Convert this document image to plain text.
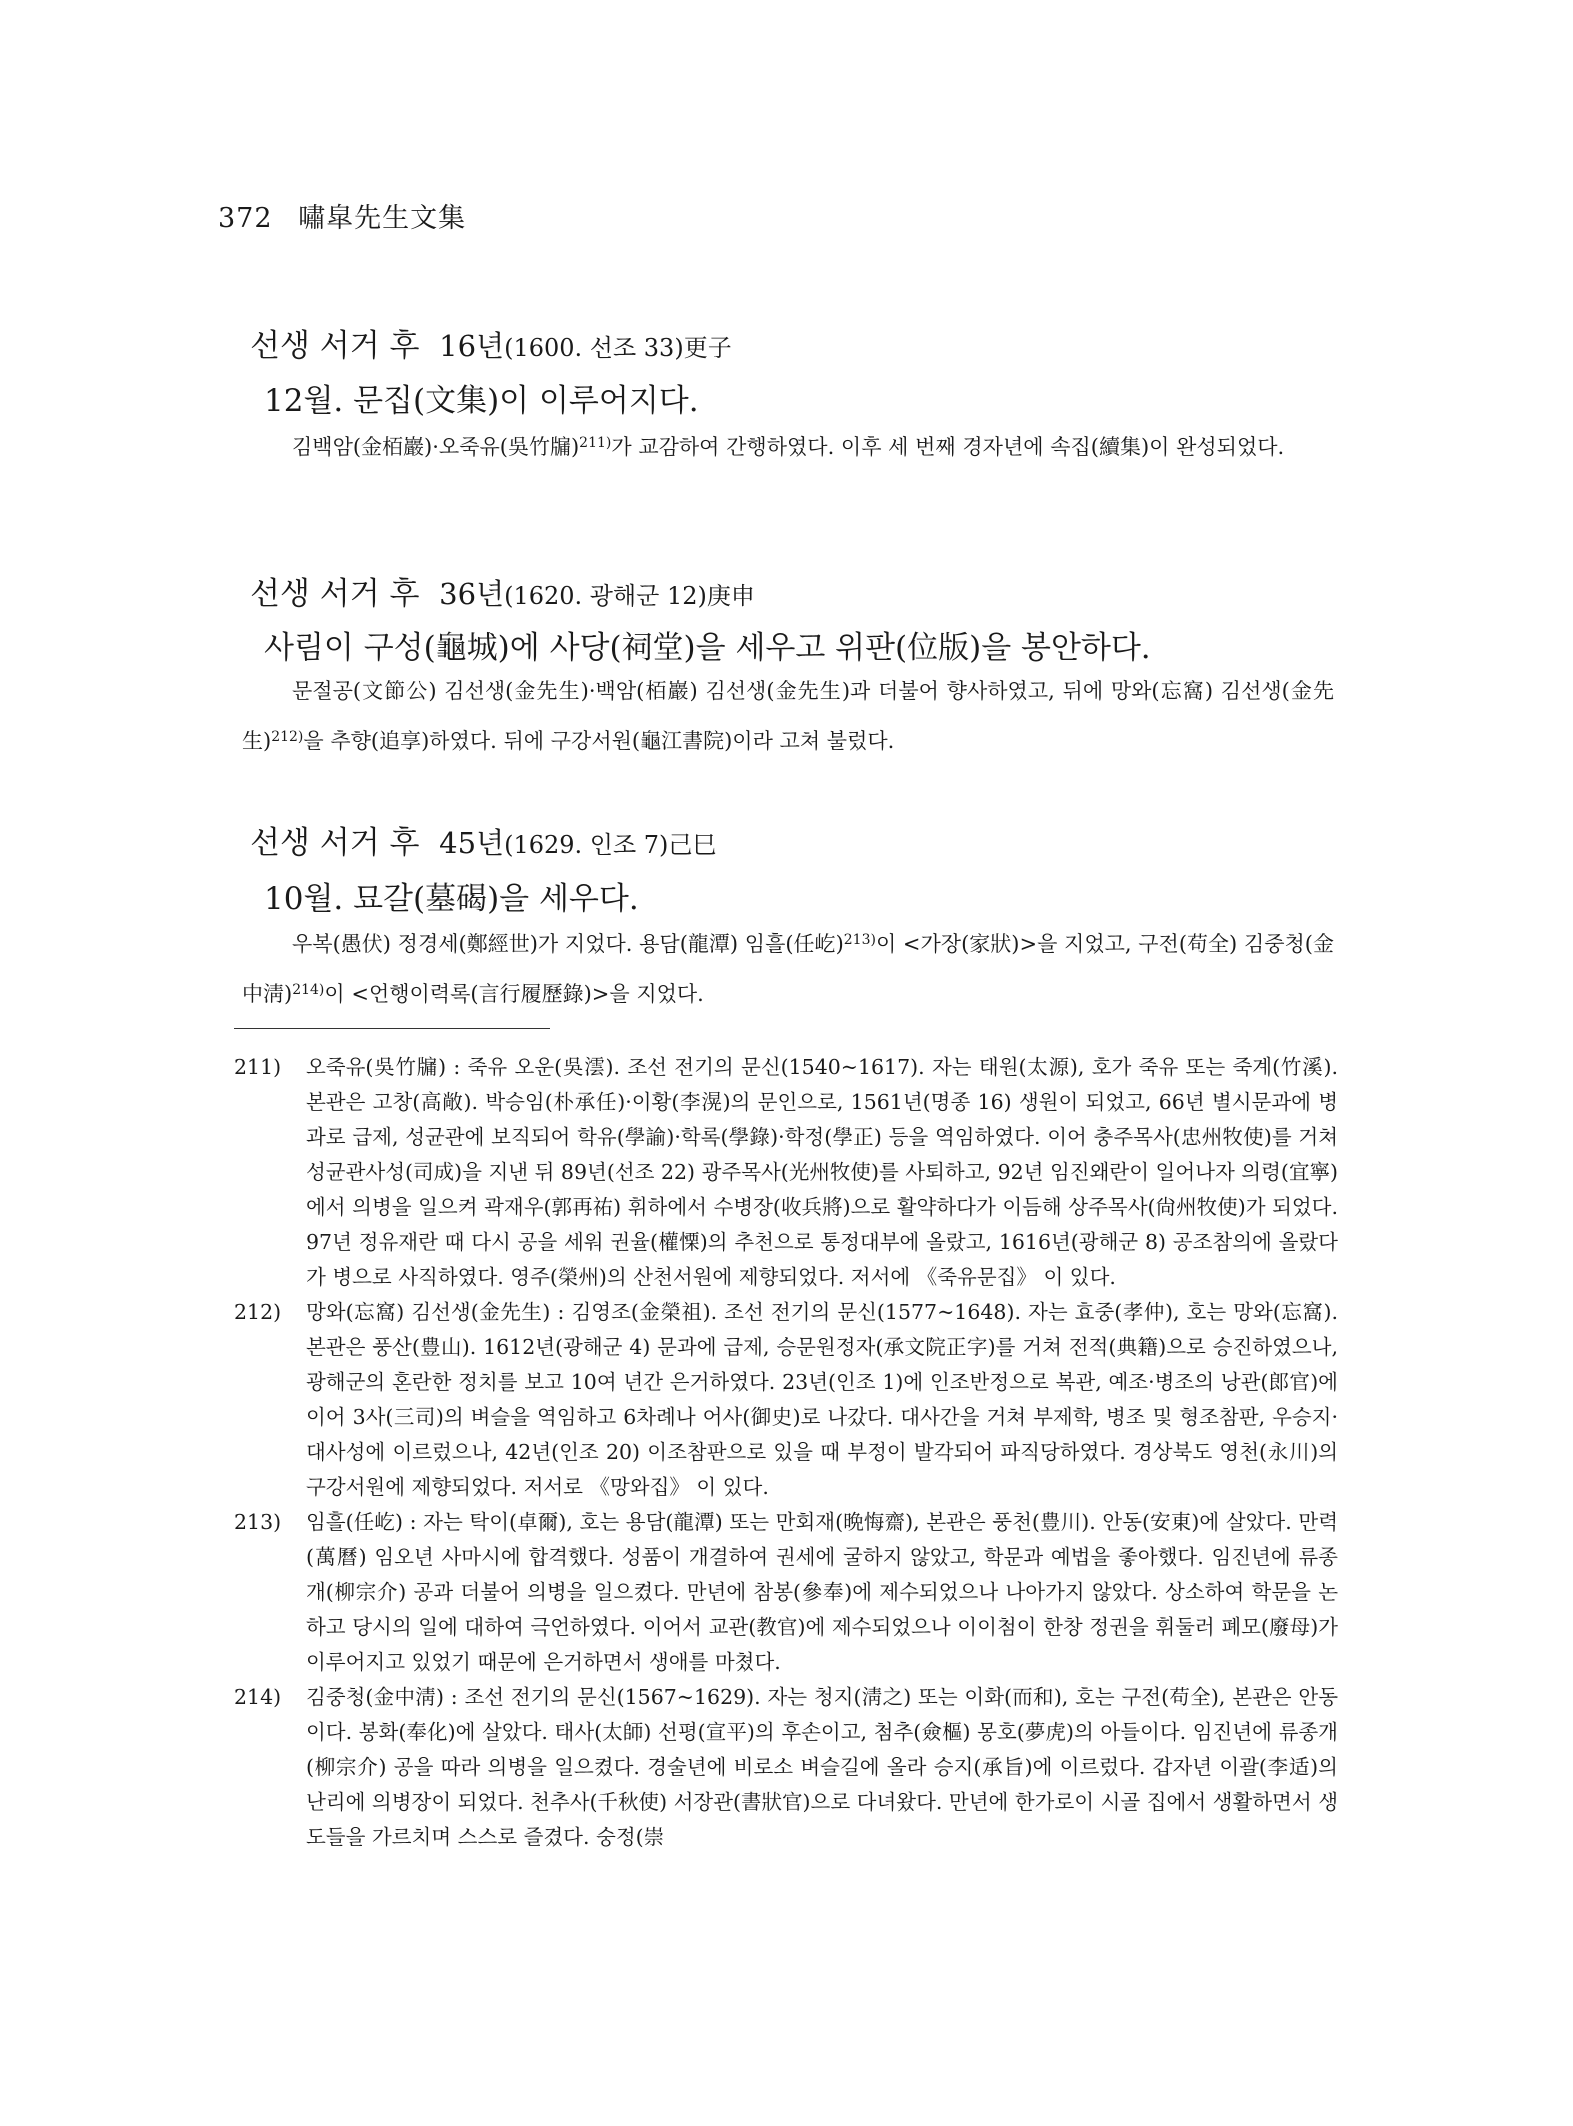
372 嘯皐先生文集
선생 서거 후 16년(1600. 선조 33)更子
12월. 문집(文集)이 이루어지다.
김백암(金栢巖)·오죽유(吳竹牖)$^{211)}$가 교감하여 간행하였다. 이후 세 번째 경자년에 속집(續集)이 완성되었다.
선생 서거 후 36년(1620. 광해군 12)庚申
사림이 구성(龜城)에 사당(祠堂)을 세우고 위판(位版)을 봉안하다.
문절공(文節公) 김선생(金先生)·백암(栢巖) 김선생(金先生)과 더불어 향사하였고, 뒤에 망와(忘窩) 김선생(金先生)$^{212)}$을 추향(追享)하였다. 뒤에 구강서원(龜江書院)이라 고쳐 불렀다.
선생 서거 후 45년(1629. 인조 7)己巳
10월. 묘갈(墓碣)을 세우다.
우복(愚伏) 정경세(鄭經世)가 지었다. 용담(龍潭) 임흘(任屹)$^{213)}$이 <가장(家狀)>을 지었고, 구전(苟全) 김중청(金中淸)$^{214)}$이 <언행이력록(言行履歷錄)>을 지었다.
211) 오죽유(吳竹牖) : 죽유 오운(吳澐). 조선 전기의 문신(1540~1617). 자는 태원(太源), 호가 죽유 또는 죽계(竹溪). 본관은 고창(高敞). 박승임(朴承任)·이황(李滉)의 문인으로, 1561년(명종 16) 생원이 되었고, 66년 별시문과에 병과로 급제, 성균관에 보직되어 학유(學諭)·학록(學錄)·학정(學正) 등을 역임하였다. 이어 충주목사(忠州牧使)를 거쳐 성균관사성(司成)을 지낸 뒤 89년(선조 22) 광주목사(光州牧使)를 사퇴하고, 92년 임진왜란이 일어나자 의령(宜寧)에서 의병을 일으켜 곽재우(郭再祐) 휘하에서 수병장(收兵將)으로 활약하다가 이듬해 상주목사(尙州牧使)가 되었다. 97년 정유재란 때 다시 공을 세워 권율(權慄)의 추천으로 통정대부에 올랐고, 1616년(광해군 8) 공조참의에 올랐다가 병으로 사직하였다. 영주(榮州)의 산천서원에 제향되었다. 저서에 《죽유문집》 이 있다.
212) 망와(忘窩) 김선생(金先生) : 김영조(金榮祖). 조선 전기의 문신(1577~1648). 자는 효중(孝仲), 호는 망와(忘窩). 본관은 풍산(豊山). 1612년(광해군 4) 문과에 급제, 승문원정자(承文院正字)를 거쳐 전적(典籍)으로 승진하였으나, 광해군의 혼란한 정치를 보고 10여 년간 은거하였다. 23년(인조 1)에 인조반정으로 복관, 예조·병조의 낭관(郎官)에 이어 3사(三司)의 벼슬을 역임하고 6차례나 어사(御史)로 나갔다. 대사간을 거쳐 부제학, 병조 및 형조참판, 우승지·대사성에 이르렀으나, 42년(인조 20) 이조참판으로 있을 때 부정이 발각되어 파직당하였다. 경상북도 영천(永川)의 구강서원에 제향되었다. 저서로 《망와집》 이 있다.
213) 임흘(任屹) : 자는 탁이(卓爾), 호는 용담(龍潭) 또는 만회재(晩悔齋), 본관은 풍천(豊川). 안동(安東)에 살았다. 만력(萬曆) 임오년 사마시에 합격했다. 성품이 개결하여 권세에 굴하지 않았고, 학문과 예법을 좋아했다. 임진년에 류종개(柳宗介) 공과 더불어 의병을 일으켰다. 만년에 참봉(參奉)에 제수되었으나 나아가지 않았다. 상소하여 학문을 논하고 당시의 일에 대하여 극언하였다. 이어서 교관(教官)에 제수되었으나 이이첨이 한창 정권을 휘둘러 폐모(廢母)가 이루어지고 있었기 때문에 은거하면서 생애를 마쳤다.
214) 김중청(金中淸) : 조선 전기의 문신(1567~1629). 자는 청지(淸之) 또는 이화(而和), 호는 구전(苟全), 본관은 안동이다. 봉화(奉化)에 살았다. 태사(太師) 선평(宣平)의 후손이고, 첨추(僉樞) 몽호(夢虎)의 아들이다. 임진년에 류종개(柳宗介) 공을 따라 의병을 일으켰다. 경술년에 비로소 벼슬길에 올라 승지(承旨)에 이르렀다. 갑자년 이괄(李适)의 난리에 의병장이 되었다. 천추사(千秋使) 서장관(書狀官)으로 다녀왔다. 만년에 한가로이 시골 집에서 생활하면서 생도들을 가르치며 스스로 즐겼다. 숭정(崇
